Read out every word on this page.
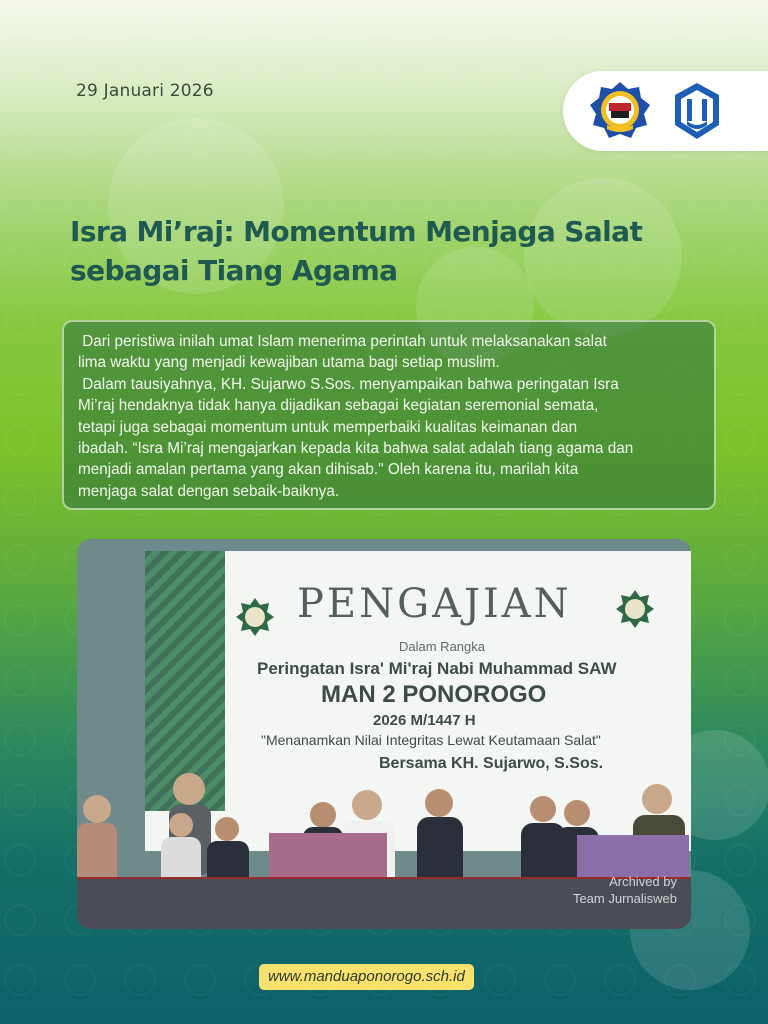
29 Januari 2026
Isra Mi’raj: Momentum Menjaga Salat
sebagai Tiang Agama

Dari peristiwa inilah umat Islam menerima perintah untuk melaksanakan salat

lima waktu yang menjadi kewajiban utama bagi setiap muslim.

Dalam tausiyahnya, KH. Sujarwo S.Sos. menyampaikan bahwa peringatan Isra

Mi’raj hendaknya tidak hanya dijadikan sebagai kegiatan seremonial semata,

tetapi juga sebagai momentum untuk memperbaiki kualitas keimanan dan

ibadah. “Isra Mi’raj mengajarkan kepada kita bahwa salat adalah tiang agama dan

menjadi amalan pertama yang akan dihisab." Oleh karena itu, marilah kita

menjaga salat dengan sebaik-baiknya.

PENGAJIAN
Dalam Rangka
Peringatan Isra' Mi'raj Nabi Muhammad SAW
MAN 2 PONOROGO
2026 M/1447 H
"Menanamkan Nilai Integritas Lewat Keutamaan Salat"
Bersama KH. Sujarwo, S.Sos.
Archived by
Team Jurnalisweb
www.manduaponorogo.sch.id
